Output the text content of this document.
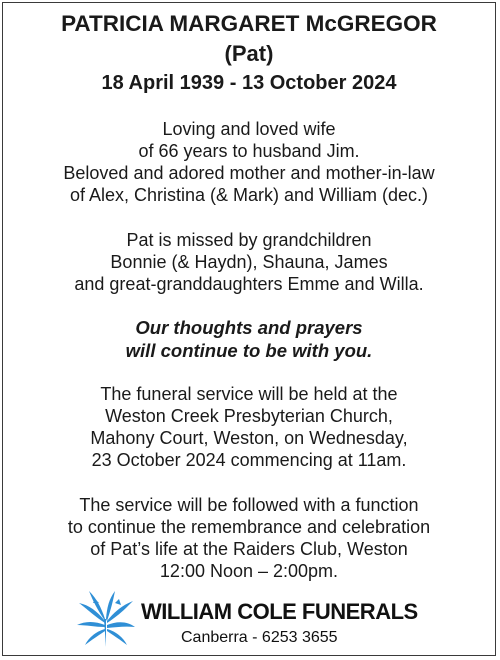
PATRICIA MARGARET McGREGOR
(Pat)
18 April 1939 - 13 October 2024
Loving and loved wife
of 66 years to husband Jim.
Beloved and adored mother and mother-in-law
of Alex, Christina (& Mark) and William (dec.)
Pat is missed by grandchildren
Bonnie (& Haydn), Shauna, James
and great-granddaughters Emme and Willa.
Our thoughts and prayers
will continue to be with you.
The funeral service will be held at the
Weston Creek Presbyterian Church,
Mahony Court, Weston, on Wednesday,
23 October 2024 commencing at 11am.
The service will be followed with a function
to continue the remembrance and celebration
of Pat’s life at the Raiders Club, Weston
12:00 Noon – 2:00pm.
WILLIAM COLE FUNERALS
Canberra - 6253 3655
